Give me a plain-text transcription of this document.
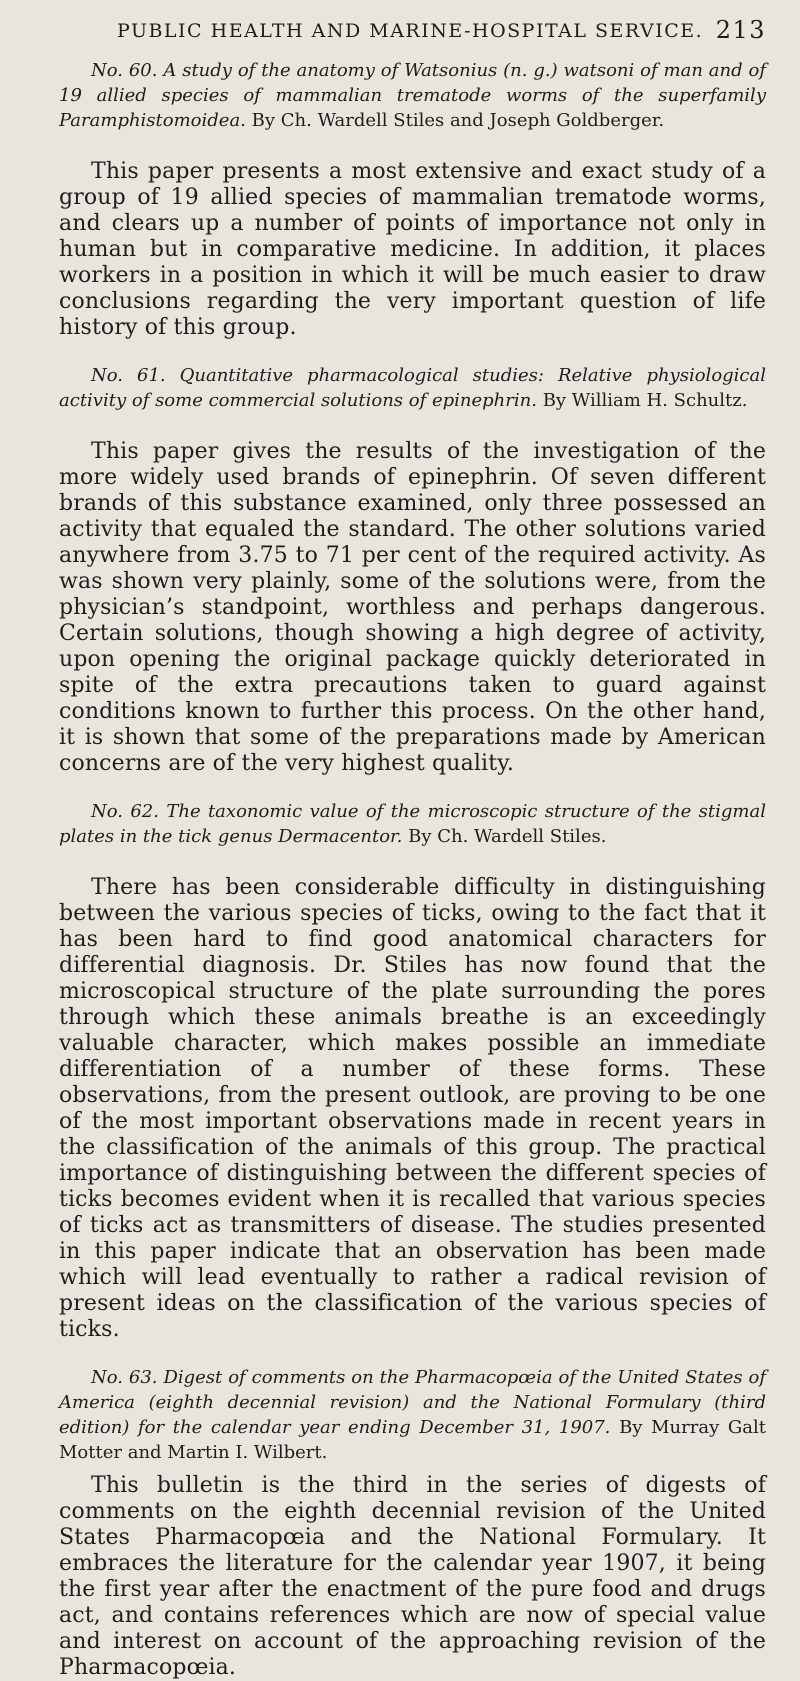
PUBLIC HEALTH AND MARINE-HOSPITAL SERVICE. 213

No. 60. A study of the anatomy of Watsonius (n. g.) watsoni of man and of 19 allied species of mammalian trematode worms of the superfamily Paramphistomoidea. By Ch. Wardell Stiles and Joseph Goldberger.

This paper presents a most extensive and exact study of a group of 19 allied species of mammalian trematode worms, and clears up a number of points of importance not only in human but in comparative medicine. In addition, it places workers in a position in which it will be much easier to draw conclusions regarding the very important question of life history of this group.

No. 61. Quantitative pharmacological studies: Relative physiological activity of some commercial solutions of epinephrin. By William H. Schultz.

This paper gives the results of the investigation of the more widely used brands of epinephrin. Of seven different brands of this substance examined, only three possessed an activity that equaled the standard. The other solutions varied anywhere from 3.75 to 71 per cent of the required activity. As was shown very plainly, some of the solutions were, from the physician’s standpoint, worthless and perhaps dangerous. Certain solutions, though showing a high degree of activity, upon opening the original package quickly deteriorated in spite of the extra precautions taken to guard against conditions known to further this process. On the other hand, it is shown that some of the preparations made by American concerns are of the very highest quality.

No. 62. The taxonomic value of the microscopic structure of the stigmal plates in the tick genus Dermacentor. By Ch. Wardell Stiles.

There has been considerable difficulty in distinguishing between the various species of ticks, owing to the fact that it has been hard to find good anatomical characters for differential diagnosis. Dr. Stiles has now found that the microscopical structure of the plate surrounding the pores through which these animals breathe is an exceedingly valuable character, which makes possible an immediate differentiation of a number of these forms. These observations, from the present outlook, are proving to be one of the most important observations made in recent years in the classification of the animals of this group. The practical importance of distinguishing between the different species of ticks becomes evident when it is recalled that various species of ticks act as transmitters of disease. The studies presented in this paper indicate that an observation has been made which will lead eventually to rather a radical revision of present ideas on the classification of the various species of ticks.

No. 63. Digest of comments on the Pharmacopœia of the United States of America (eighth decennial revision) and the National Formulary (third edition) for the calendar year ending December 31, 1907. By Murray Galt Motter and Martin I. Wilbert.

This bulletin is the third in the series of digests of comments on the eighth decennial revision of the United States Pharmacopœia and the National Formulary. It embraces the literature for the calendar year 1907, it being the first year after the enactment of the pure food and drugs act, and contains references which are now of special value and interest on account of the approaching revision of the Pharmacopœia.
